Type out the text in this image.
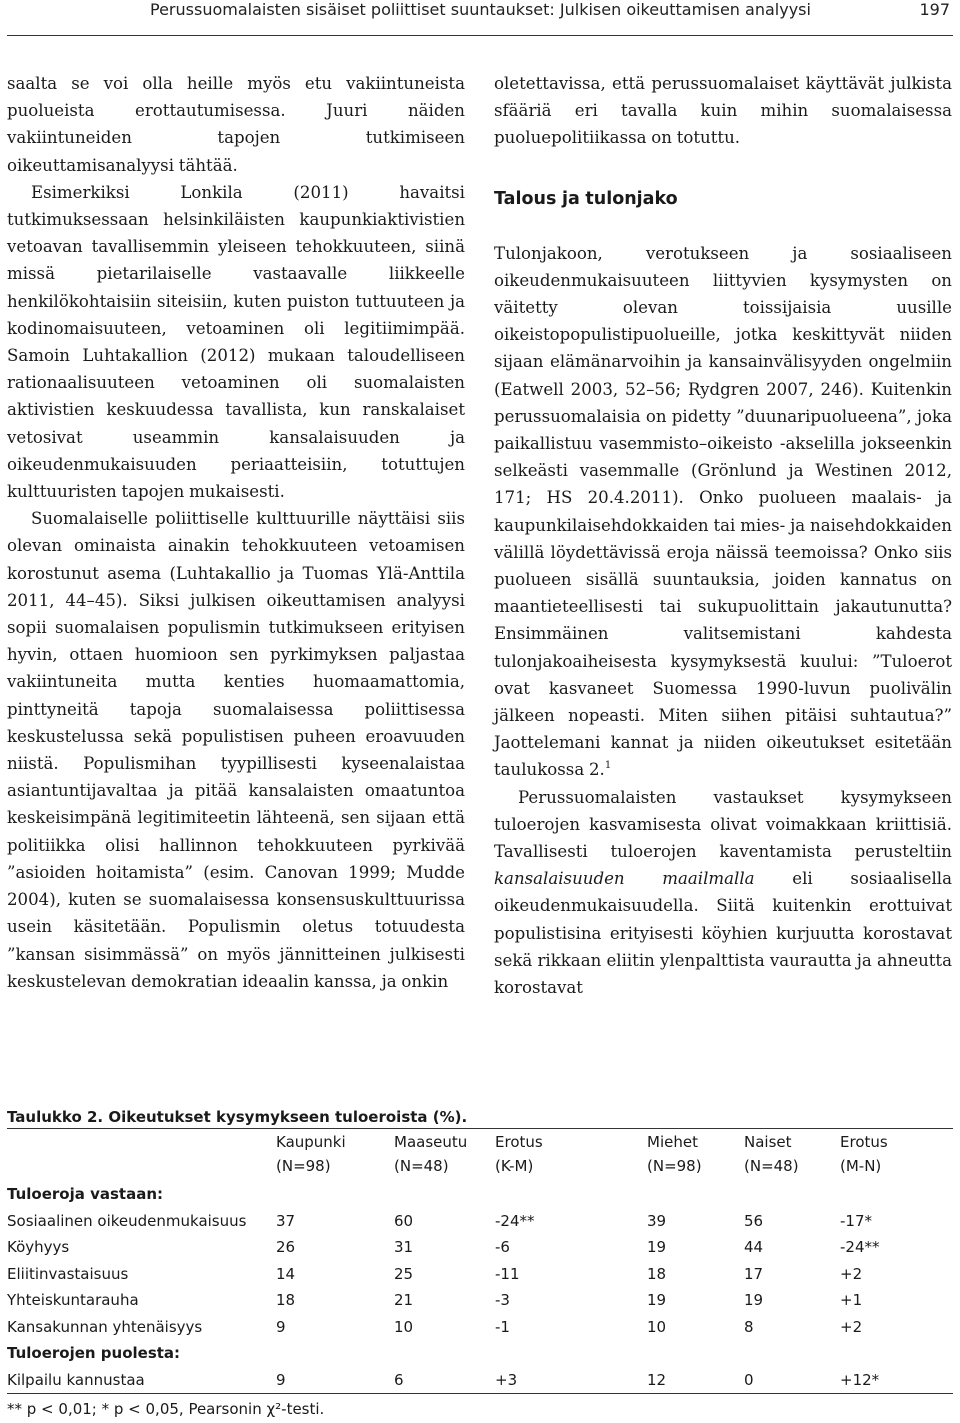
Perussuomalaisten sisäiset poliittiset suuntaukset: Julkisen oikeuttamisen analyysi	197

saalta se voi olla heille myös etu vakiintuneista puolueista erottautumisessa. Juuri näiden vakiintuneiden tapojen tutkimiseen oikeuttamisanalyysi tähtää.

Esimerkiksi Lonkila (2011) havaitsi tutkimuksessaan helsinkiläisten kaupunkiaktivistien vetoavan tavallisemmin yleiseen tehokkuuteen, siinä missä pietarilaiselle vastaavalle liikkeelle henkilökohtaisiin siteisiin, kuten puiston tuttuuteen ja kodinomaisuuteen, vetoaminen oli legitiimimpää. Samoin Luhtakallion (2012) mukaan taloudelliseen rationaalisuuteen vetoaminen oli suomalaisten aktivistien keskuudessa tavallista, kun ranskalaiset vetosivat useammin kansalaisuuden ja oikeudenmukaisuuden periaatteisiin, totuttujen kulttuuristen tapojen mukaisesti.

Suomalaiselle poliittiselle kulttuurille näyttäisi siis olevan ominaista ainakin tehokkuuteen vetoamisen korostunut asema (Luhtakallio ja Tuomas Ylä-Anttila 2011, 44–45). Siksi julkisen oikeuttamisen analyysi sopii suomalaisen populismin tutkimukseen erityisen hyvin, ottaen huomioon sen pyrkimyksen paljastaa vakiintuneita mutta kenties huomaamattomia, pinttyneitä tapoja suomalaisessa poliittisessa keskustelussa sekä populistisen puheen eroavuuden niistä. Populismihan tyypillisesti kyseenalaistaa asiantuntijavaltaa ja pitää kansalaisten omaatuntoa keskeisimpänä legitimiteetin lähteenä, sen sijaan että politiikka olisi hallinnon tehokkuuteen pyrkivää ”asioiden hoitamista” (esim. Canovan 1999; Mudde 2004), kuten se suomalaisessa konsensuskulttuurissa usein käsitetään. Populismin oletus totuudesta ”kansan sisimmässä” on myös jännitteinen julkisesti keskustelevan demokratian ideaalin kanssa, ja onkin

oletettavissa, että perussuomalaiset käyttävät julkista sfääriä eri tavalla kuin mihin suomalaisessa puoluepolitiikassa on totuttu.

Talous ja tulonjako

Tulonjakoon, verotukseen ja sosiaaliseen oikeudenmukaisuuteen liittyvien kysymysten on väitetty olevan toissijaisia uusille oikeistopopulistipuolueille, jotka keskittyvät niiden sijaan elämänarvoihin ja kansainvälisyyden ongelmiin (Eatwell 2003, 52–56; Rydgren 2007, 246). Kuitenkin perussuomalaisia on pidetty ”duunaripuolueena”, joka paikallistuu vasemmisto–oikeisto -akselilla jokseenkin selkeästi vasemmalle (Grönlund ja Westinen 2012, 171; HS 20.4.2011). Onko puolueen maalais- ja kaupunkilaisehdokkaiden tai mies- ja naisehdokkaiden välillä löydettävissä eroja näissä teemoissa? Onko siis puolueen sisällä suuntauksia, joiden kannatus on maantieteellisesti tai sukupuolittain jakautunutta? Ensimmäinen valitsemistani kahdesta tulonjakoaiheisesta kysymyksestä kuului: ”Tuloerot ovat kasvaneet Suomessa 1990-luvun puolivälin jälkeen nopeasti. Miten siihen pitäisi suhtautua?” Jaottelemani kannat ja niiden oikeutukset esitetään taulukossa 2.$^1$

Perussuomalaisten vastaukset kysymykseen tuloerojen kasvamisesta olivat voimakkaan kriittisiä. Tavallisesti tuloerojen kaventamista perusteltiin kansalaisuuden maailmalla eli sosiaalisella oikeudenmukaisuudella. Siitä kuitenkin erottuivat populistisina erityisesti köyhien kurjuutta korostavat sekä rikkaan eliitin ylenpalttista vaurautta ja ahneutta korostavat

Taulukko 2. Oikeutukset kysymykseen tuloeroista (%).
	Kaupunki	Maaseutu	Erotus	Miehet	Naiset	Erotus
	(N=98)	(N=48)	(K-M)	(N=98)	(N=48)	(M-N)
Tuloeroja vastaan:						
Sosiaalinen oikeudenmukaisuus	37	60	-24**	39	56	-17*
Köyhyys	26	31	-6	19	44	-24**
Eliitinvastaisuus	14	25	-11	18	17	+2
Yhteiskuntarauha	18	21	-3	19	19	+1
Kansakunnan yhtenäisyys	9	10	-1	10	8	+2
Tuloerojen puolesta:						
Kilpailu kannustaa	9	6	+3	12	0	+12*
** p < 0,01; * p < 0,05, Pearsonin χ²-testi.
